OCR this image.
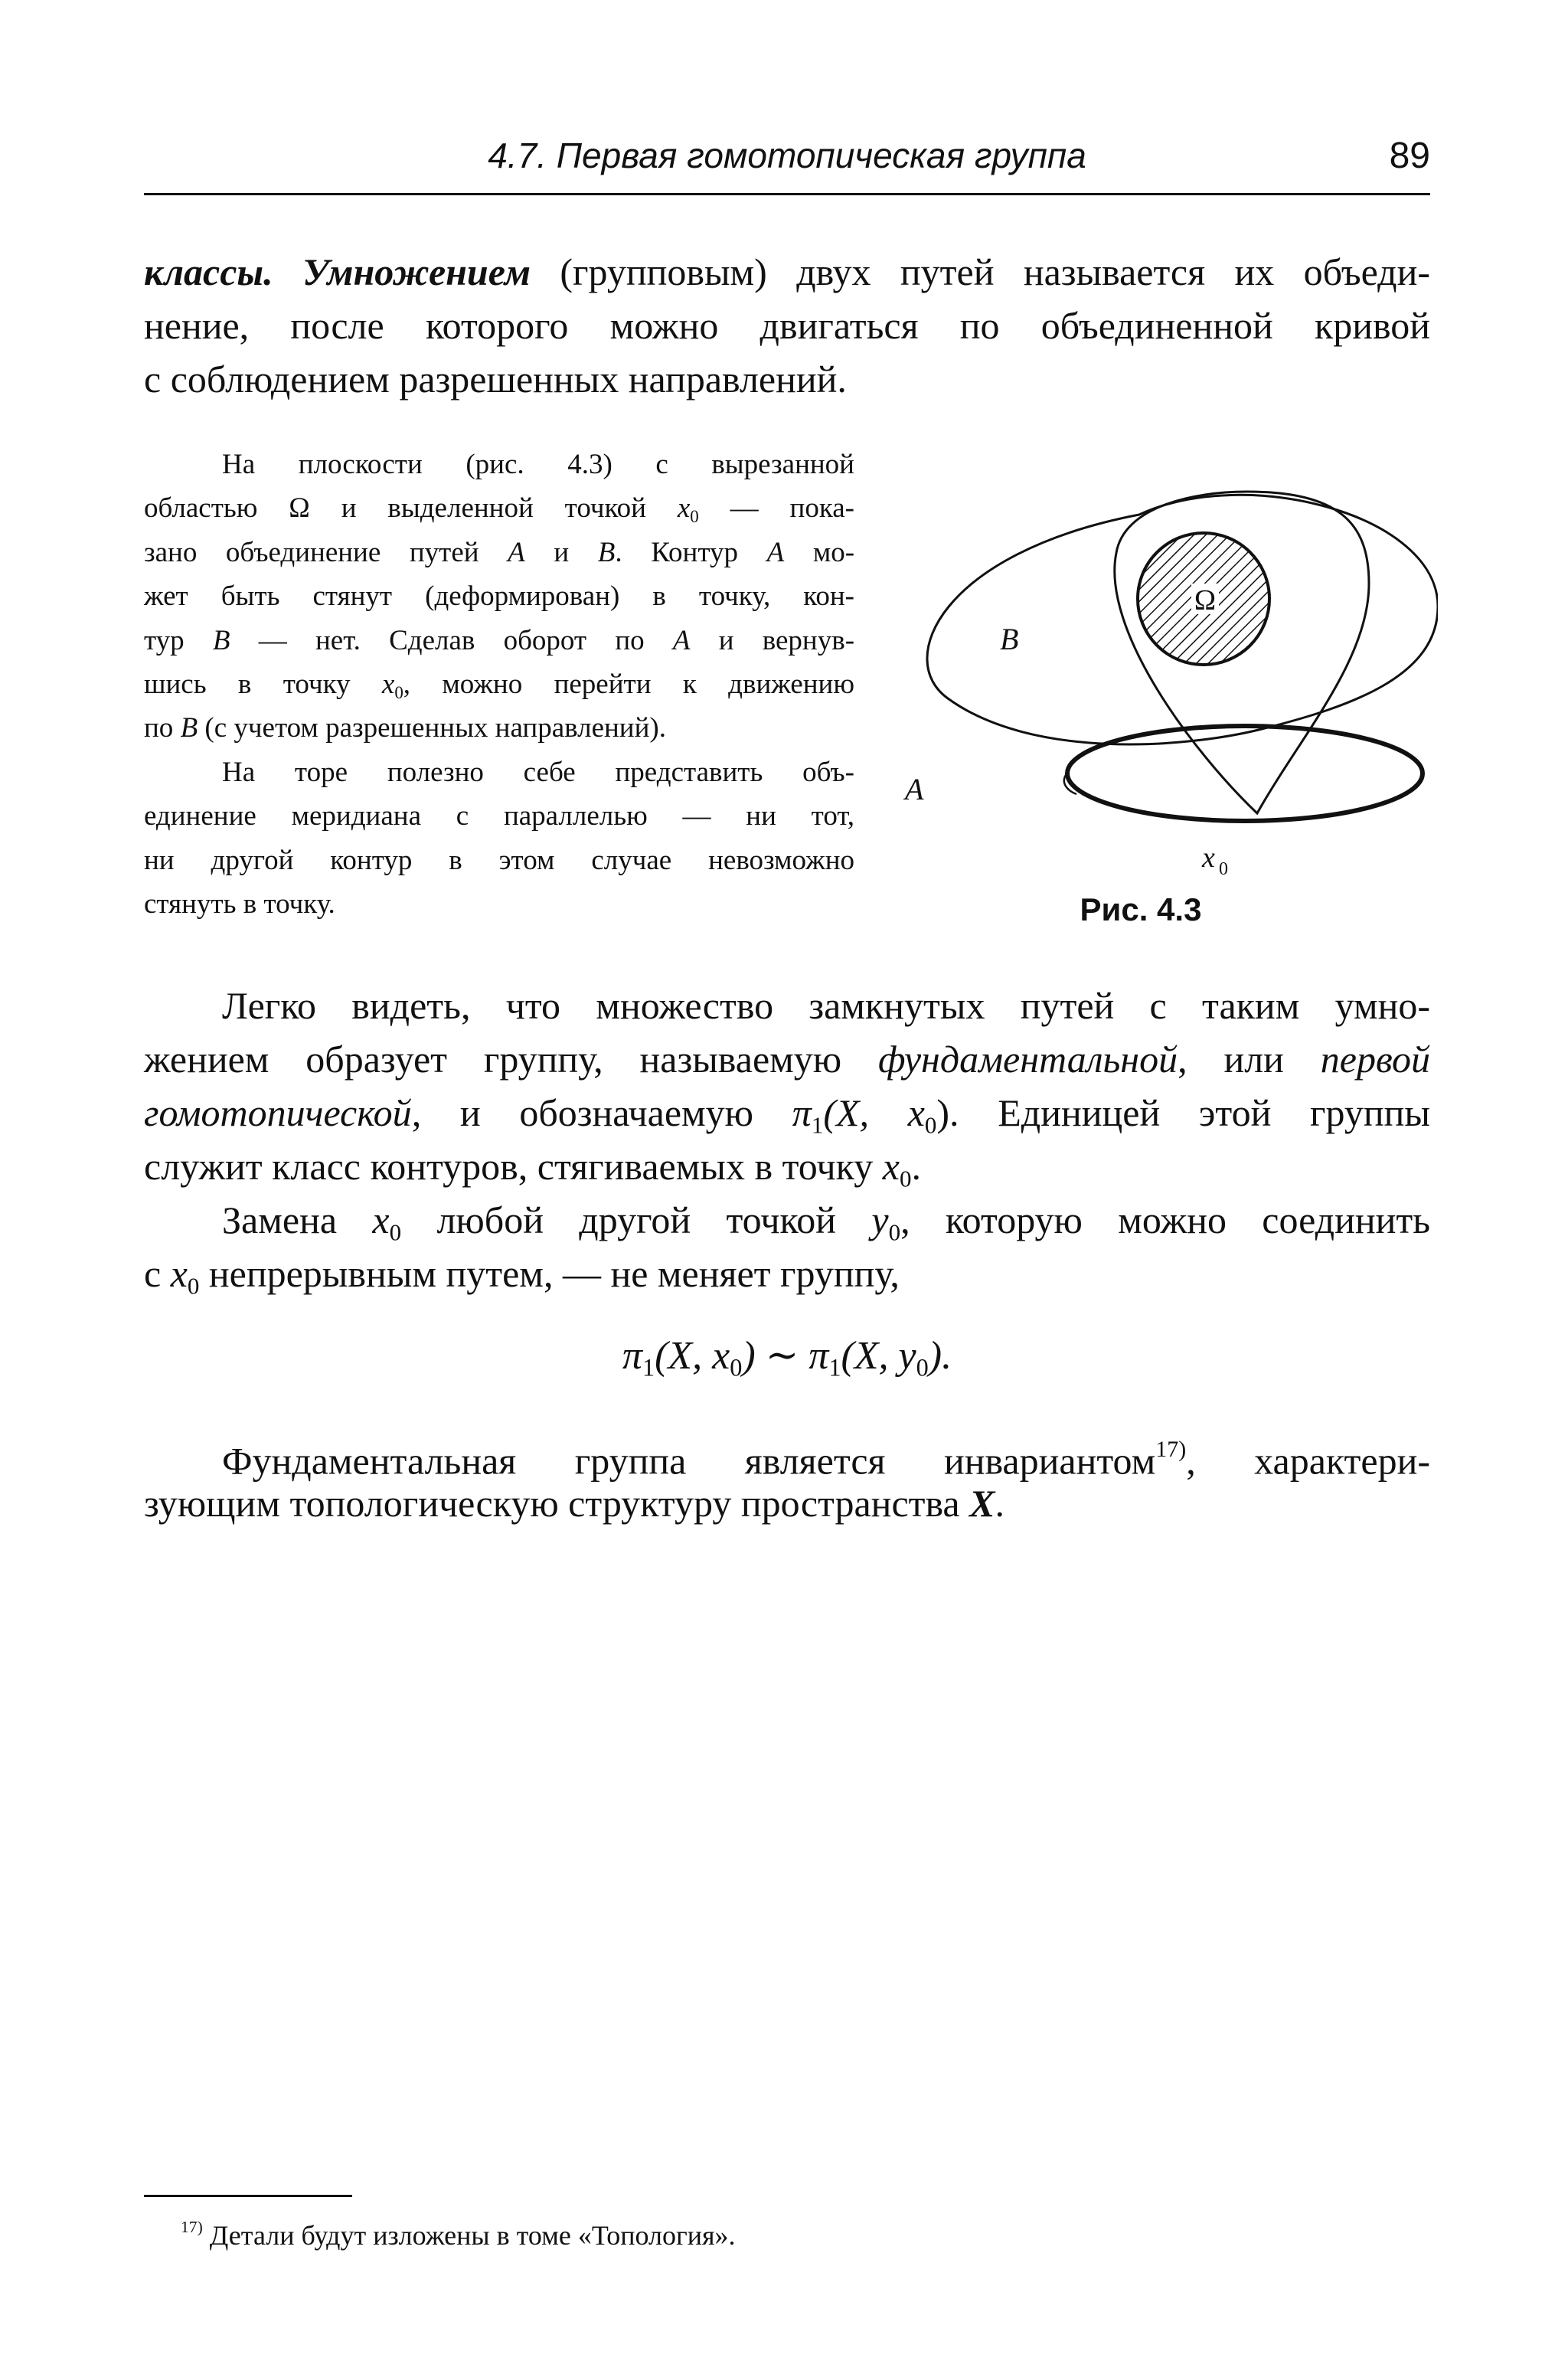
4.7. Первая гомотопическая группа	89
классы. Умножением (групповым) двух путей называется их объеди-
нение, после которого можно двигаться по объединенной кривой
с соблюдением разрешенных направлений.
На плоскости (рис. 4.3) с вырезанной
областью Ω и выделенной точкой $x_0$ — пока-
зано объединение путей A и B. Контур A мо-
жет быть стянут (деформирован) в точку, кон-
тур B — нет. Сделав оборот по A и вернув-
шись в точку $x_0$, можно перейти к движению
по B (с учетом разрешенных направлений).
На торе полезно себе представить объ-
единение меридиана с параллелью — ни тот,
ни другой контур в этом случае невозможно
стянуть в точку.
Ω
B
A
x 0
Рис. 4.3
Легко видеть, что множество замкнутых путей с таким умно-
жением образует группу, называемую фундаментальной, или первой
гомотопической, и обозначаемую $\pi_1(X$, $x_0$). Единицей этой группы
служит класс контуров, стягиваемых в точку $x_0$.
Замена $x_0$ любой другой точкой $y_0$, которую можно соединить
с $x_0$ непрерывным путем, — не меняет группу,
$\pi_1(X$, $x_0$) ∼ $\pi_1(X$, $y_0$).
Фундаментальная группа является инвариантом$^{17)}$, характери-
зующим топологическую структуру пространства X.
$^{17)}$ Детали будут изложены в томе «Топология».
